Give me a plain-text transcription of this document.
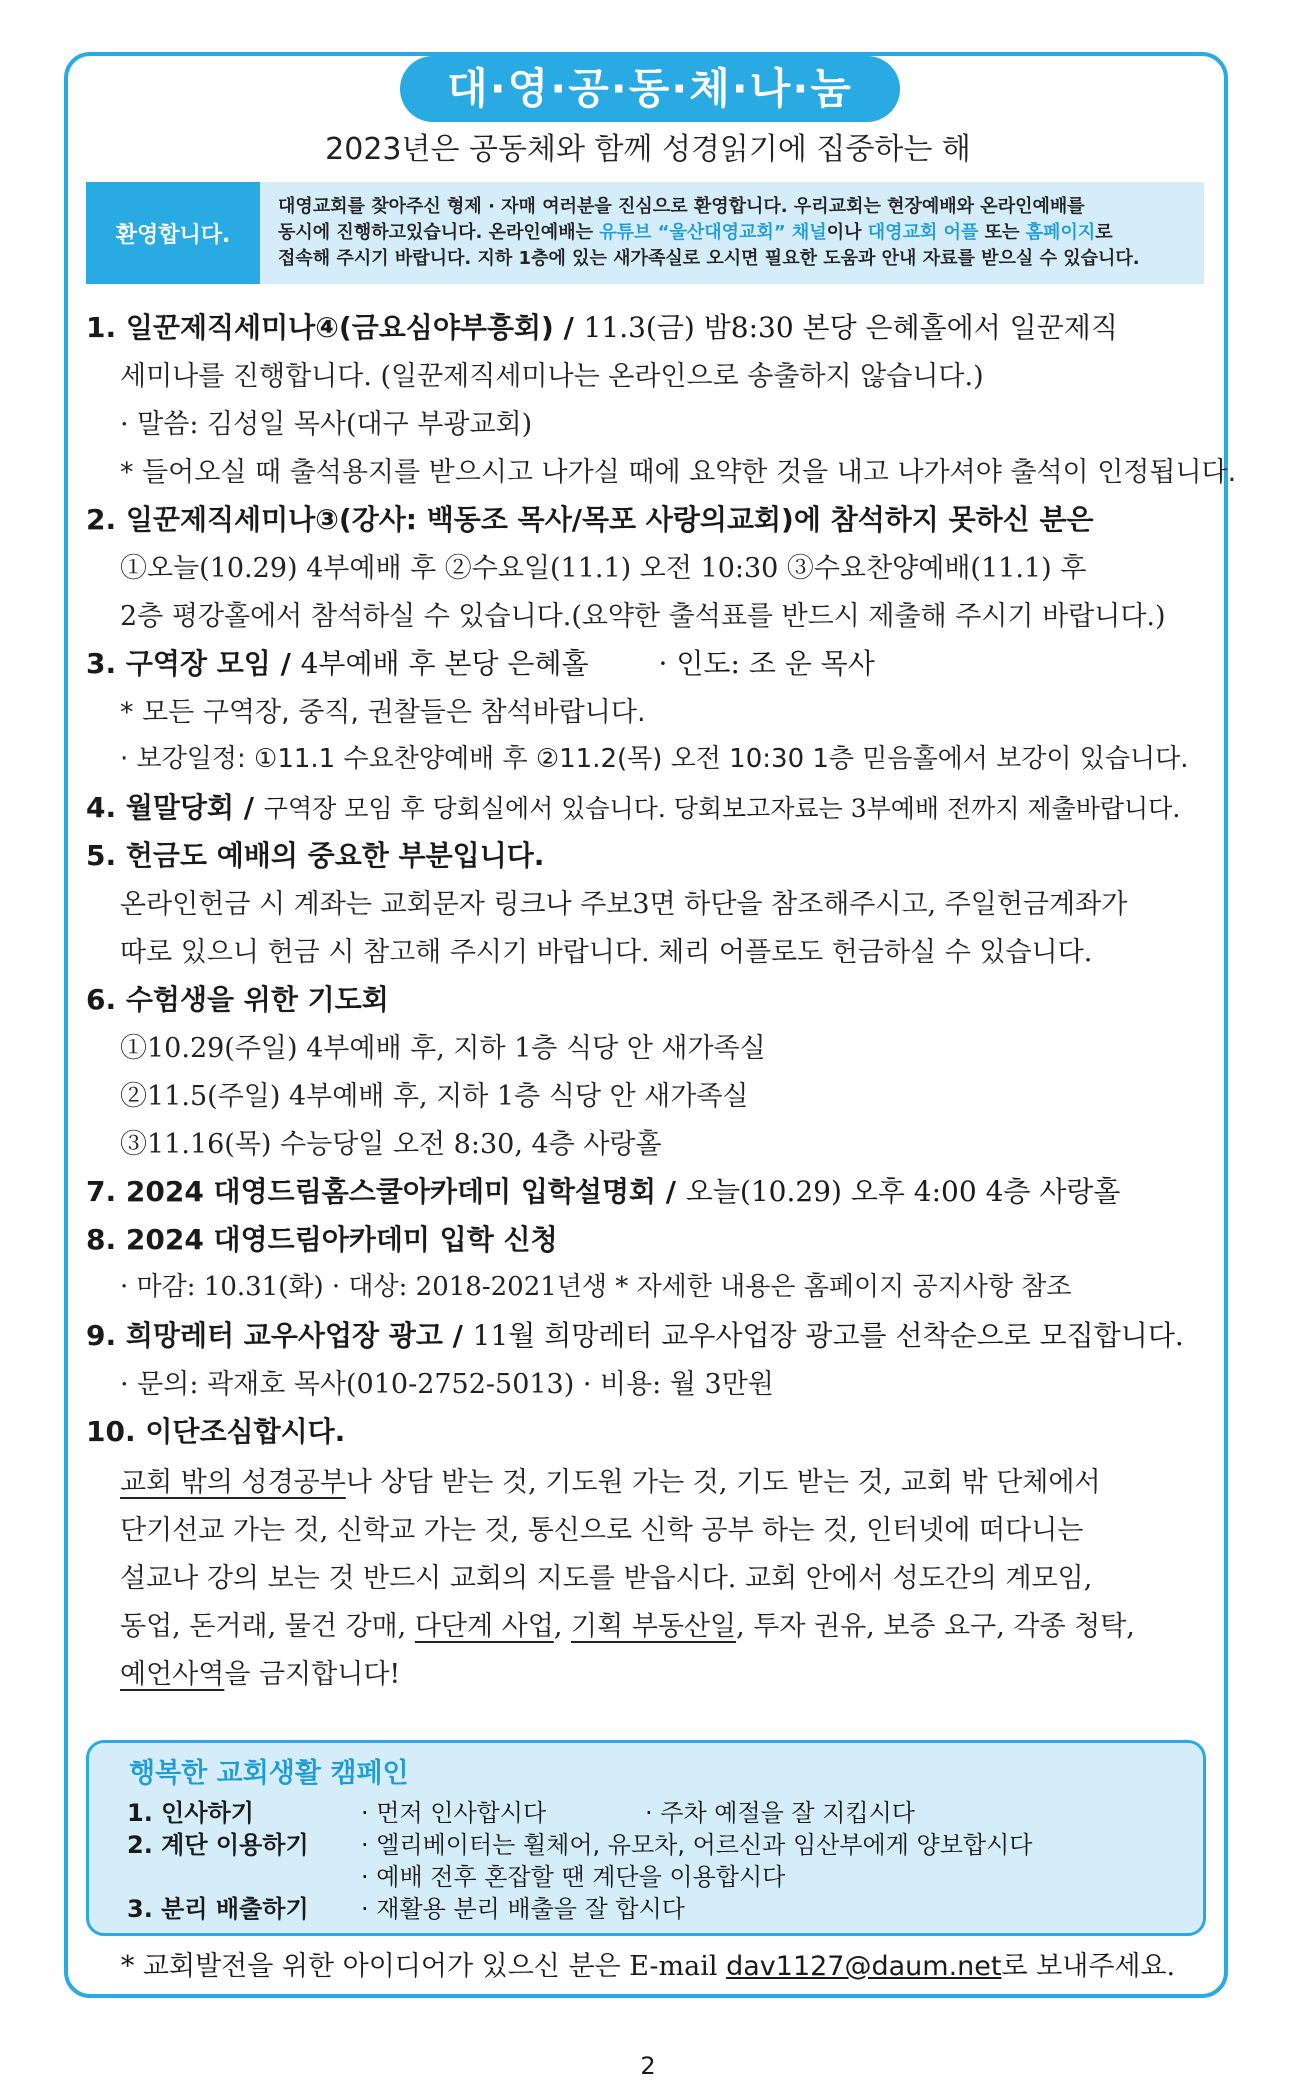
대·영·공·동·체·나·눔
2023년은 공동체와 함께 성경읽기에 집중하는 해
환영합니다.
대영교회를 찾아주신 형제 · 자매 여러분을 진심으로 환영합니다. 우리교회는 현장예배와 온라인예배를
동시에 진행하고있습니다. 온라인예배는 유튜브 “울산대영교회” 채널이나 대영교회 어플 또는 홈페이지로
접속해 주시기 바랍니다. 지하 1층에 있는 새가족실로 오시면 필요한 도움과 안내 자료를 받으실 수 있습니다.
1. 일꾼제직세미나④(금요심야부흥회) / 11.3(금) 밤8:30 본당 은혜홀에서 일꾼제직
세미나를 진행합니다. (일꾼제직세미나는 온라인으로 송출하지 않습니다.)
· 말씀: 김성일 목사(대구 부광교회)
* 들어오실 때 출석용지를 받으시고 나가실 때에 요약한 것을 내고 나가셔야 출석이 인정됩니다.
2. 일꾼제직세미나③(강사: 백동조 목사/목포 사랑의교회)에 참석하지 못하신 분은
①오늘(10.29) 4부예배 후 ②수요일(11.1) 오전 10:30 ③수요찬양예배(11.1) 후
2층 평강홀에서 참석하실 수 있습니다.(요약한 출석표를 반드시 제출해 주시기 바랍니다.)
3. 구역장 모임 / 4부예배 후 본당 은혜홀	· 인도: 조 운 목사
* 모든 구역장, 중직, 권찰들은 참석바랍니다.
· 보강일정: ①11.1 수요찬양예배 후 ②11.2(목) 오전 10:30 1층 믿음홀에서 보강이 있습니다.
4. 월말당회 / 구역장 모임 후 당회실에서 있습니다. 당회보고자료는 3부예배 전까지 제출바랍니다.
5. 헌금도 예배의 중요한 부분입니다.
온라인헌금 시 계좌는 교회문자 링크나 주보3면 하단을 참조해주시고, 주일헌금계좌가
따로 있으니 헌금 시 참고해 주시기 바랍니다. 체리 어플로도 헌금하실 수 있습니다.
6. 수험생을 위한 기도회
①10.29(주일) 4부예배 후, 지하 1층 식당 안 새가족실
②11.5(주일) 4부예배 후, 지하 1층 식당 안 새가족실
③11.16(목) 수능당일 오전 8:30, 4층 사랑홀
7. 2024 대영드림홈스쿨아카데미 입학설명회 / 오늘(10.29) 오후 4:00 4층 사랑홀
8. 2024 대영드림아카데미 입학 신청
· 마감: 10.31(화) · 대상: 2018-2021년생 * 자세한 내용은 홈페이지 공지사항 참조
9. 희망레터 교우사업장 광고 / 11월 희망레터 교우사업장 광고를 선착순으로 모집합니다.
· 문의: 곽재호 목사(010-2752-5013) · 비용: 월 3만원
10. 이단조심합시다.
교회 밖의 성경공부나 상담 받는 것, 기도원 가는 것, 기도 받는 것, 교회 밖 단체에서
단기선교 가는 것, 신학교 가는 것, 통신으로 신학 공부 하는 것, 인터넷에 떠다니는
설교나 강의 보는 것 반드시 교회의 지도를 받읍시다. 교회 안에서 성도간의 계모임,
동업, 돈거래, 물건 강매, 다단계 사업, 기획 부동산일, 투자 권유, 보증 요구, 각종 청탁,
예언사역을 금지합니다!
행복한 교회생활 캠페인
1. 인사하기	· 먼저 인사합시다	· 주차 예절을 잘 지킵시다
2. 계단 이용하기 · 엘리베이터는 휠체어, 유모차, 어르신과 임산부에게 양보합시다
· 예배 전후 혼잡할 땐 계단을 이용합시다
3. 분리 배출하기 · 재활용 분리 배출을 잘 합시다
* 교회발전을 위한 아이디어가 있으신 분은 E-mail dav1127@daum.net로 보내주세요.
2
